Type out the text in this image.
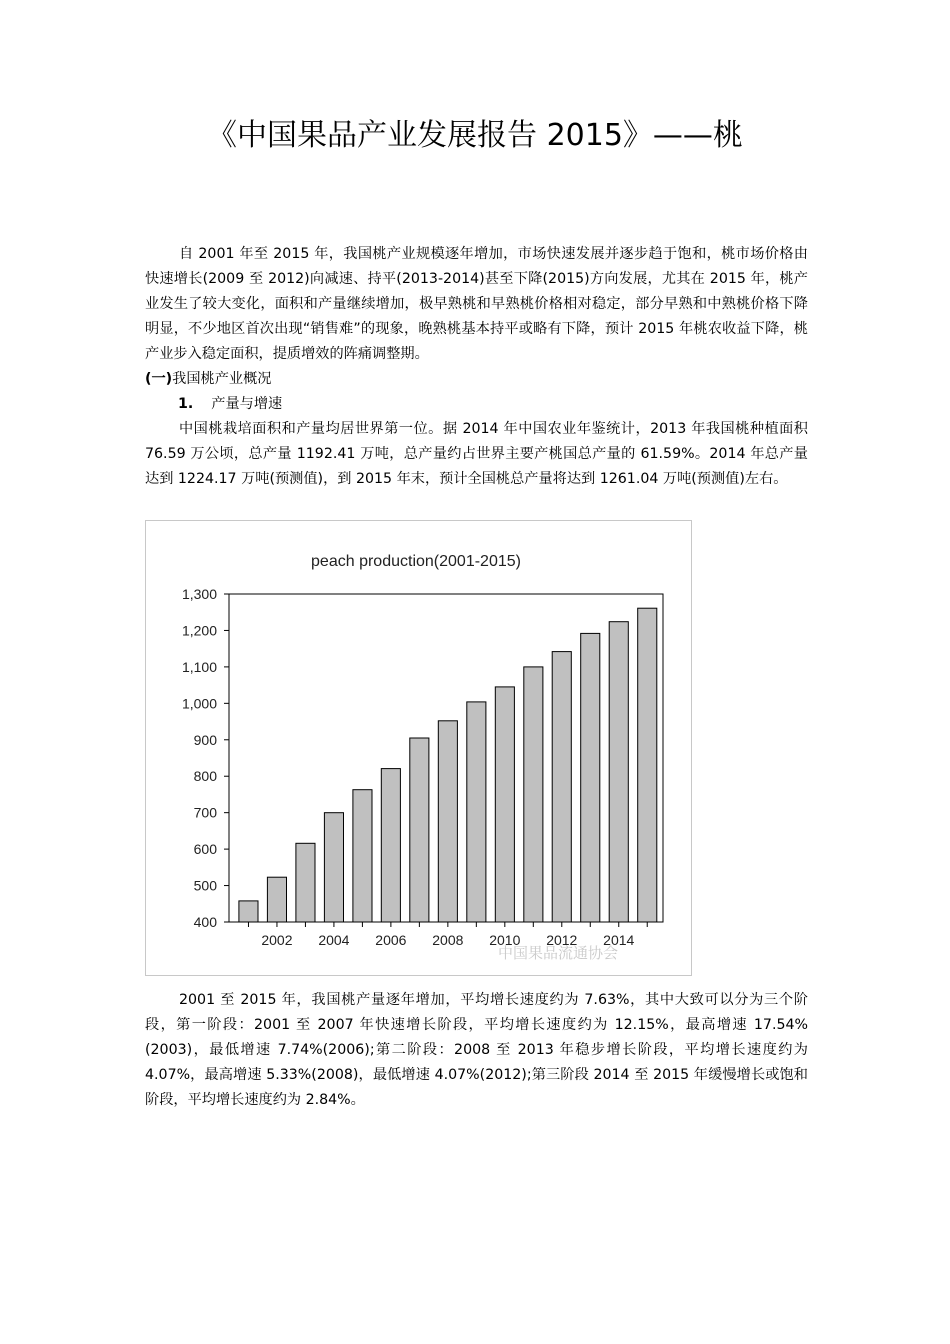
《中国果品产业发展报告 2015》——桃
自 2001 年至 2015 年，我国桃产业规模逐年增加，市场快速发展并逐步趋于饱和，桃市场价格由快速增长(2009 至 2012)向减速、持平(2013-2014)甚至下降(2015)方向发展，尤其在 2015 年，桃产业发生了较大变化，面积和产量继续增加，极早熟桃和早熟桃价格相对稳定，部分早熟和中熟桃价格下降明显，不少地区首次出现“销售难”的现象，晚熟桃基本持平或略有下降，预计 2015 年桃农收益下降，桃产业步入稳定面积，提质增效的阵痛调整期。
(一)我国桃产业概况
1. 产量与增速
中国桃栽培面积和产量均居世界第一位。据 2014 年中国农业年鉴统计，2013 年我国桃种植面积 76.59 万公顷，总产量 1192.41 万吨，总产量约占世界主要产桃国总产量的 61.59%。2014 年总产量达到 1224.17 万吨(预测值)，到 2015 年末，预计全国桃总产量将达到 1261.04 万吨(预测值)左右。
peach production(2001-2015)
400
500
600
700
800
900
1,000
1,100
1,200
1,300
2002 2004 2006 2008 2010 2012 2014
中国果品流通协会
2001 至 2015 年，我国桃产量逐年增加，平均增长速度约为 7.63%，其中大致可以分为三个阶段，第一阶段：2001 至 2007 年快速增长阶段，平均增长速度约为 12.15%，最高增速 17.54%(2003)，最低增速 7.74%(2006);第二阶段：2008 至 2013 年稳步增长阶段，平均增长速度约为 4.07%，最高增速 5.33%(2008)，最低增速 4.07%(2012);第三阶段 2014 至 2015 年缓慢增长或饱和阶段，平均增长速度约为 2.84%。
